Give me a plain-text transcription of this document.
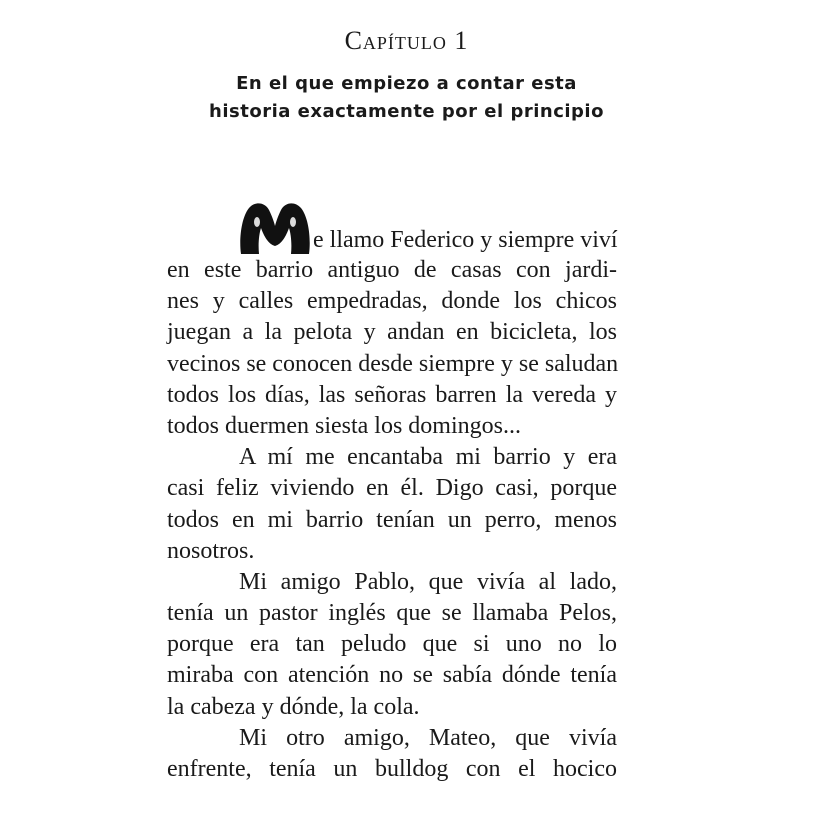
Capítulo 1
En el que empiezo a contar esta
historia exactamente por el principio
e llamo Federico y siempre viví
en este barrio antiguo de casas con jardi-
nes y calles empedradas, donde los chicos
juegan a la pelota y andan en bicicleta, los
vecinos se conocen desde siempre y se saludan
todos los días, las señoras barren la vereda y
todos duermen siesta los domingos...
A mí me encantaba mi barrio y era
casi feliz viviendo en él. Digo casi, porque
todos en mi barrio tenían un perro, menos
nosotros.
Mi amigo Pablo, que vivía al lado,
tenía un pastor inglés que se llamaba Pelos,
porque era tan peludo que si uno no lo
miraba con atención no se sabía dónde tenía
la cabeza y dónde, la cola.
Mi otro amigo, Mateo, que vivía
enfrente, tenía un bulldog con el hocico
